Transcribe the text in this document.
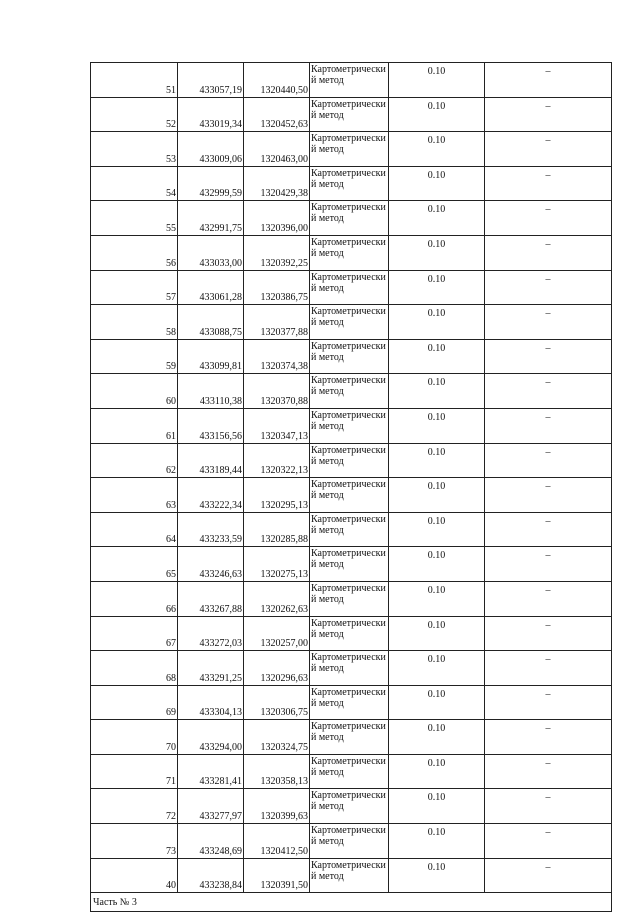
51	433057,19	1320440,50	Картометрический метод	0.10	–
52	433019,34	1320452,63	Картометрический метод	0.10	–
53	433009,06	1320463,00	Картометрический метод	0.10	–
54	432999,59	1320429,38	Картометрический метод	0.10	–
55	432991,75	1320396,00	Картометрический метод	0.10	–
56	433033,00	1320392,25	Картометрический метод	0.10	–
57	433061,28	1320386,75	Картометрический метод	0.10	–
58	433088,75	1320377,88	Картометрический метод	0.10	–
59	433099,81	1320374,38	Картометрический метод	0.10	–
60	433110,38	1320370,88	Картометрический метод	0.10	–
61	433156,56	1320347,13	Картометрический метод	0.10	–
62	433189,44	1320322,13	Картометрический метод	0.10	–
63	433222,34	1320295,13	Картометрический метод	0.10	–
64	433233,59	1320285,88	Картометрический метод	0.10	–
65	433246,63	1320275,13	Картометрический метод	0.10	–
66	433267,88	1320262,63	Картометрический метод	0.10	–
67	433272,03	1320257,00	Картометрический метод	0.10	–
68	433291,25	1320296,63	Картометрический метод	0.10	–
69	433304,13	1320306,75	Картометрический метод	0.10	–
70	433294,00	1320324,75	Картометрический метод	0.10	–
71	433281,41	1320358,13	Картометрический метод	0.10	–
72	433277,97	1320399,63	Картометрический метод	0.10	–
73	433248,69	1320412,50	Картометрический метод	0.10	–
40	433238,84	1320391,50	Картометрический метод	0.10	–
Часть № 3					
